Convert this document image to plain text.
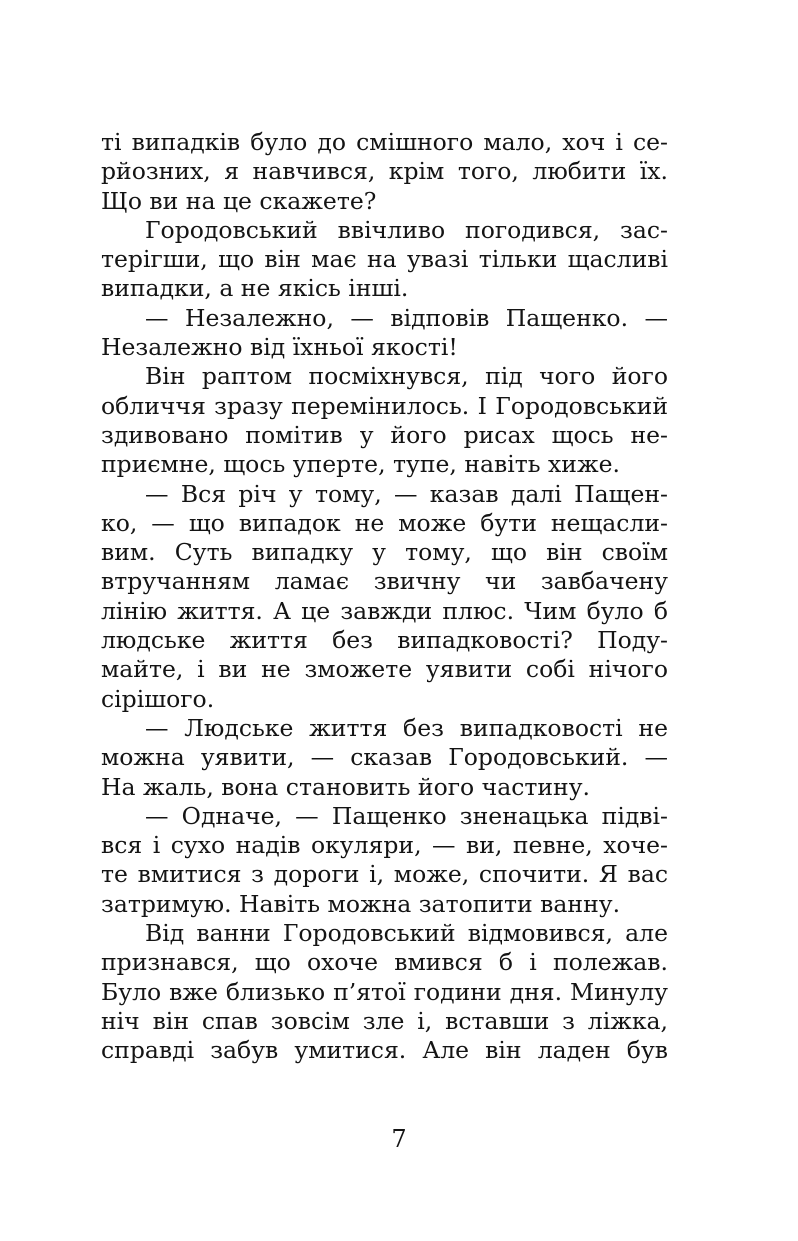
ті випадків було до смішного мало, хоч і се-
рйозних, я навчився, крім того, любити їх.
Що ви на це скажете?
Городовський ввічливо погодився, зас-
терігши, що він має на увазі тільки щасливі
випадки, а не якісь інші.
— Незалежно, — відповів Пащенко. —
Незалежно від їхньої якості!
Він раптом посміхнувся, під чого його
обличчя зразу перемінилось. І Городовський
здивовано помітив у його рисах щось не-
приємне, щось уперте, тупе, навіть хиже.
— Вся річ у тому, — казав далі Пащен-
ко, — що випадок не може бути нещасли-
вим. Суть випадку у тому, що він своїм
втручанням ламає звичну чи завбачену
лінію життя. А це завжди плюс. Чим було б
людське життя без випадковості? Поду-
майте, і ви не зможете уявити собі нічого
сірішого.
— Людське життя без випадковості не
можна уявити, — сказав Городовський. —
На жаль, вона становить його частину.
— Одначе, — Пащенко зненацька підві-
вся і сухо надів окуляри, — ви, певне, хоче-
те вмитися з дороги і, може, спочити. Я вас
затримую. Навіть можна затопити ванну.
Від ванни Городовський відмовився, але
признався, що охоче вмився б і полежав.
Було вже близько п’ятої години дня. Минулу
ніч він спав зовсім зле і, вставши з ліжка,
справді забув умитися. Але він ладен був
7
